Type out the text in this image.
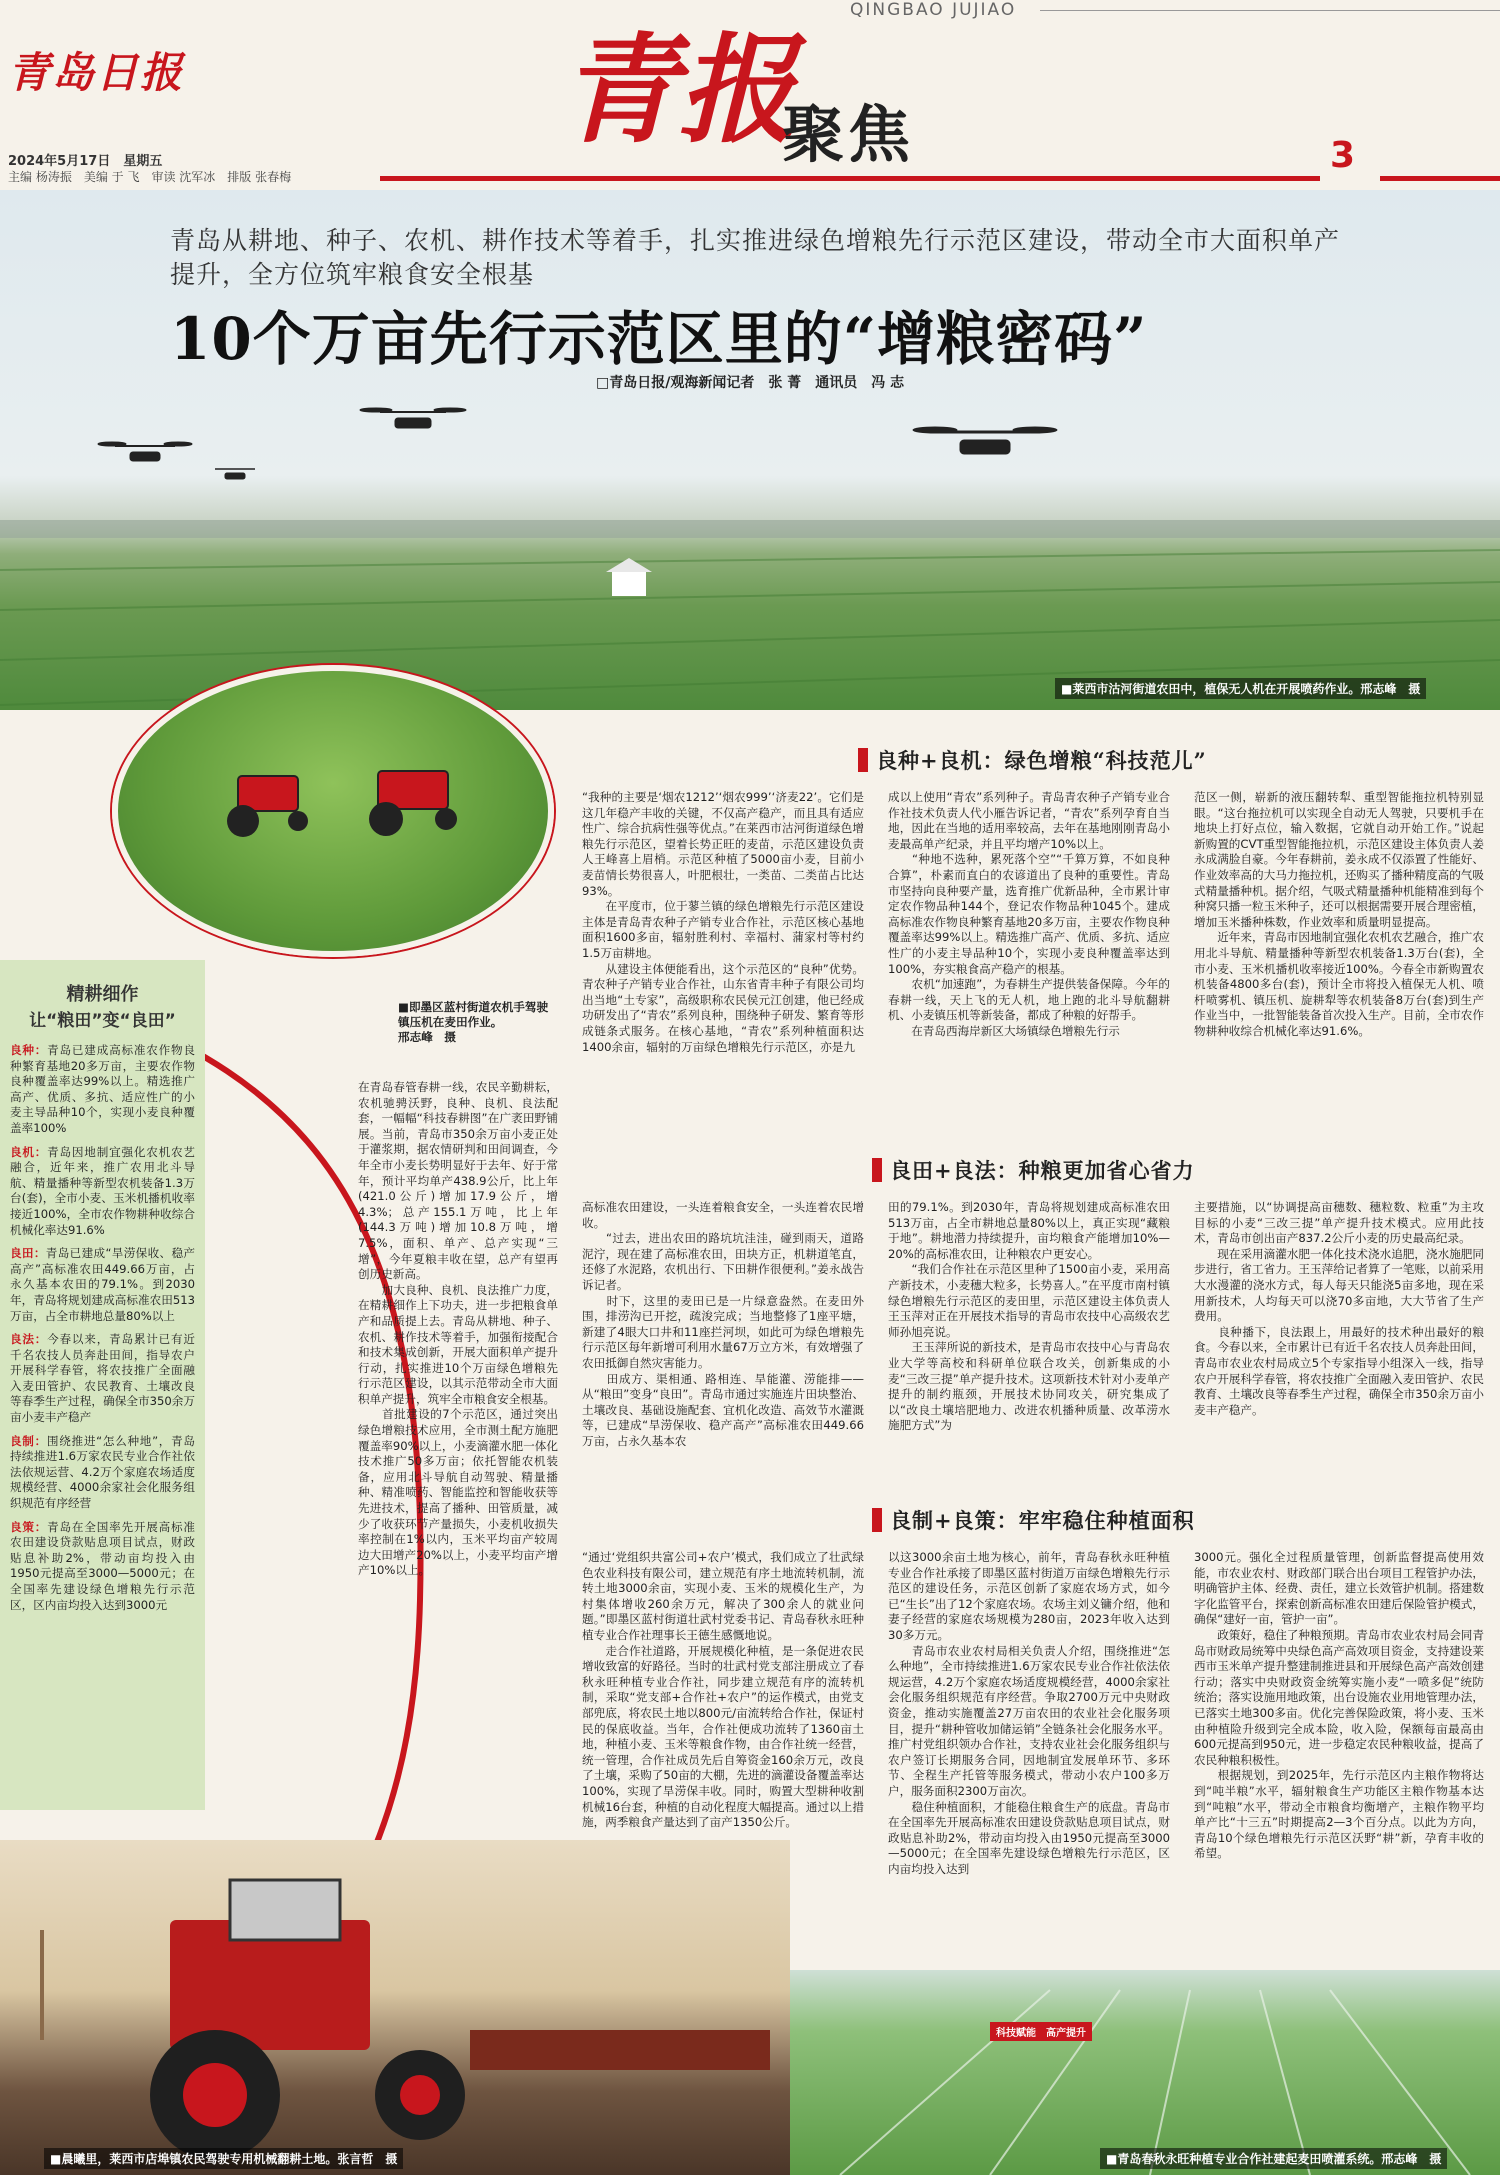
QINGBAO JUJIAO
青岛日报	青报
聚焦	3
2024年5月17日　星期五
主编 杨涛振　美编 于 飞　审读 沈军冰　排版 张春梅
■莱西市沽河街道农田中，植保无人机在开展喷药作业。邢志峰　摄
青岛从耕地、种子、农机、耕作技术等着手，扎实推进绿色增粮先行示范区建设，带动全市大面积单产提升，全方位筑牢粮食安全根基
10个万亩先行示范区里的“增粮密码”
□青岛日报/观海新闻记者　张 菁　通讯员　冯 志
■即墨区蓝村街道农机手驾驶镇压机在麦田作业。
邢志峰　摄
精耕细作
让“粮田”变“良田”
良种：青岛已建成高标准农作物良种繁育基地20多万亩，主要农作物良种覆盖率达99%以上。精选推广高产、优质、多抗、适应性广的小麦主导品种10个，实现小麦良种覆盖率100%
良机：青岛因地制宜强化农机农艺融合，近年来，推广农用北斗导航、精量播种等新型农机装备1.3万台(套)，全市小麦、玉米机播机收率接近100%，全市农作物耕种收综合机械化率达91.6%
良田：青岛已建成“旱涝保收、稳产高产”高标准农田449.66万亩，占永久基本农田的79.1%。到2030年，青岛将规划建成高标准农田513万亩，占全市耕地总量80%以上
良法：今春以来，青岛累计已有近千名农技人员奔赴田间，指导农户开展科学春管，将农技推广全面融入麦田管护、农民教育、土壤改良等春季生产过程，确保全市350余万亩小麦丰产稳产
良制：围绕推进“怎么种地”，青岛持续推进1.6万家农民专业合作社依法依规运营、4.2万个家庭农场适度规模经营、4000余家社会化服务组织规范有序经营
良策：青岛在全国率先开展高标准农田建设贷款贴息项目试点，财政贴息补助2%，带动亩均投入由1950元提高至3000—5000元；在全国率先建设绿色增粮先行示范区，区内亩均投入达到3000元
在青岛春管春耕一线，农民辛勤耕耘，农机驰骋沃野，良种、良机、良法配套，一幅幅“科技春耕图”在广袤田野铺展。当前，青岛市350余万亩小麦正处于灌浆期，据农情研判和田间调查，今年全市小麦长势明显好于去年、好于常年，预计平均单产438.9公斤，比上年(421.0公斤)增加17.9公斤，增4.3%；总产155.1万吨，比上年(144.3万吨)增加10.8万吨，增7.5%，面积、单产、总产实现“三增”，今年夏粮丰收在望，总产有望再创历史新高。
　　加大良种、良机、良法推广力度，在精耕细作上下功夫，进一步把粮食单产和品质提上去。青岛从耕地、种子、农机、耕作技术等着手，加强衔接配合和技术集成创新，开展大面积单产提升行动，扎实推进10个万亩绿色增粮先行示范区建设，以其示范带动全市大面积单产提升，筑牢全市粮食安全根基。
　　首批建设的7个示范区，通过突出绿色增粮技术应用，全市测土配方施肥覆盖率90%以上，小麦滴灌水肥一体化技术推广50多万亩；依托智能农机装备，应用北斗导航自动驾驶、精量播种、精准喷药、智能监控和智能收获等先进技术，提高了播种、田管质量，减少了收获环节产量损失，小麦机收损失率控制在1%以内，玉米平均亩产较周边大田增产20%以上，小麦平均亩产增产10%以上。
良种+良机：绿色增粮“科技范儿”
“我种的主要是‘烟农1212’‘烟农999’‘济麦22’。它们是这几年稳产丰收的关键，不仅高产稳产，而且具有适应性广、综合抗病性强等优点。”在莱西市沽河街道绿色增粮先行示范区，望着长势正旺的麦苗，示范区建设负责人王峰喜上眉梢。示范区种植了5000亩小麦，目前小麦苗情长势很喜人，叶肥根壮，一类苗、二类苗占比达93%。
　　在平度市，位于蓼兰镇的绿色增粮先行示范区建设主体是青岛青农种子产销专业合作社，示范区核心基地面积1600多亩，辐射胜利村、幸福村、蒲家村等村约1.5万亩耕地。
　　从建设主体便能看出，这个示范区的“良种”优势。青农种子产销专业合作社，山东省青丰种子有限公司均出当地“土专家”，高级职称农民侯元江创建，他已经成功研发出了“青农”系列良种，围绕种子研发、繁育等形成链条式服务。在核心基地，“青农”系列种植面积达1400余亩，辐射的万亩绿色增粮先行示范区，亦是九
成以上使用“青农”系列种子。青岛青农种子产销专业合作社技术负责人代小雁告诉记者，“青农”系列孕育自当地，因此在当地的适用率较高，去年在基地刚刚青岛小麦最高单产纪录，并且平均增产10%以上。
　　“种地不选种，累死落个空”“千算万算，不如良种合算”，朴素而直白的农谚道出了良种的重要性。青岛市坚持向良种要产量，选育推广优新品种，全市累计审定农作物品种144个，登记农作物品种1045个。建成高标准农作物良种繁育基地20多万亩，主要农作物良种覆盖率达99%以上。精选推广高产、优质、多抗、适应性广的小麦主导品种10个，实现小麦良种覆盖率达到100%，夯实粮食高产稳产的根基。
　　农机“加速跑”，为春耕生产提供装备保障。今年的春耕一线，天上飞的无人机，地上跑的北斗导航翻耕机、小麦镇压机等新装备，都成了种粮的好帮手。
　　在青岛西海岸新区大场镇绿色增粮先行示
范区一侧，崭新的液压翻转犁、重型智能拖拉机特别显眼。“这台拖拉机可以实现全自动无人驾驶，只要机手在地块上打好点位，输入数据，它就自动开始工作。”说起新购置的CVT重型智能拖拉机，示范区建设主体负责人姜永成满脸自豪。今年春耕前，姜永成不仅添置了性能好、作业效率高的大马力拖拉机，还购买了播种精度高的气吸式精量播种机。据介绍，气吸式精量播种机能精准到每个种窝只播一粒玉米种子，还可以根据需要开展合理密植，增加玉米播种株数，作业效率和质量明显提高。
　　近年来，青岛市因地制宜强化农机农艺融合，推广农用北斗导航、精量播种等新型农机装备1.3万台(套)，全市小麦、玉米机播机收率接近100%。今春全市新购置农机装备4800多台(套)，预计全市将投入植保无人机、喷杆喷雾机、镇压机、旋耕犁等农机装备8万台(套)到生产作业当中，一批智能装备首次投入生产。目前，全市农作物耕种收综合机械化率达91.6%。
良田+良法：种粮更加省心省力
高标准农田建设，一头连着粮食安全，一头连着农民增收。
　　“过去，进出农田的路坑坑洼洼，碰到雨天，道路泥泞，现在建了高标准农田，田块方正，机耕道笔直，还修了水泥路，农机出行、下田耕作很便利。”姜永战告诉记者。
　　时下，这里的麦田已是一片绿意盎然。在麦田外围，排涝沟已开挖，疏浚完成；当地整修了1座平塘，新建了4眼大口井和11座拦河坝，如此可为绿色增粮先行示范区每年新增可利用水量67万立方米，有效增强了农田抵御自然灾害能力。
　　田成方、渠相通、路相连、旱能灌、涝能排——从“粮田”变身“良田”。青岛市通过实施连片田块整治、土壤改良、基础设施配套、宜机化改造、高效节水灌溉等，已建成“旱涝保收、稳产高产”高标准农田449.66万亩，占永久基本农
田的79.1%。到2030年，青岛将规划建成高标准农田513万亩，占全市耕地总量80%以上，真正实现“藏粮于地”。耕地潜力持续提升，亩均粮食产能增加10%—20%的高标准农田，让种粮农户更安心。
　　“我们合作社在示范区里种了1500亩小麦，采用高产新技术，小麦穗大粒多，长势喜人。”在平度市南村镇绿色增粮先行示范区的麦田里，示范区建设主体负责人王玉萍对正在开展技术指导的青岛市农技中心高级农艺师孙旭亮说。
　　王玉萍所说的新技术，是青岛市农技中心与青岛农业大学等高校和科研单位联合攻关，创新集成的小麦“三改三提”单产提升技术。这项新技术针对小麦单产提升的制约瓶颈，开展技术协同攻关，研究集成了以“改良土壤培肥地力、改进农机播种质量、改革涝水施肥方式”为
主要措施，以“协调提高亩穗数、穗粒数、粒重”为主攻目标的小麦“三改三提”单产提升技术模式。应用此技术，青岛市创出亩产837.2公斤小麦的历史最高纪录。
　　现在采用滴灌水肥一体化技术浇水追肥，浇水施肥同步进行，省工省力。王玉萍给记者算了一笔账，以前采用大水漫灌的浇水方式，每人每天只能浇5亩多地，现在采用新技术，人均每天可以浇70多亩地，大大节省了生产费用。
　　良种播下，良法跟上，用最好的技术种出最好的粮食。今春以来，全市累计已有近千名农技人员奔赴田间，青岛市农业农村局成立5个专家指导小组深入一线，指导农户开展科学春管，将农技推广全面融入麦田管护、农民教育、土壤改良等春季生产过程，确保全市350余万亩小麦丰产稳产。
良制+良策：牢牢稳住种植面积
“通过‘党组织共富公司+农户’模式，我们成立了壮武绿色农业科技有限公司，建立规范有序土地流转机制，流转土地3000余亩，实现小麦、玉米的规模化生产，为村集体增收260余万元，解决了300余人的就业问题。”即墨区蓝村街道壮武村党委书记、青岛春秋永旺种植专业合作社理事长王德生感慨地说。
　　走合作社道路，开展规模化种植，是一条促进农民增收致富的好路径。当时的壮武村党支部注册成立了春秋永旺种植专业合作社，同步建立规范有序的流转机制，采取“党支部+合作社+农户”的运作模式，由党支部兜底，将农民土地以800元/亩流转给合作社，保证村民的保底收益。当年，合作社便成功流转了1360亩土地，种植小麦、玉米等粮食作物，由合作社统一经营，统一管理，合作社成员先后自筹资金160余万元，改良了土壤，采购了50亩的大棚，先进的滴灌设备覆盖率达100%，实现了旱涝保丰收。同时，购置大型耕种收割机械16台套，种植的自动化程度大幅提高。通过以上措施，两季粮食产量达到了亩产1350公斤。
以这3000余亩土地为核心，前年，青岛春秋永旺种植专业合作社承接了即墨区蓝村街道万亩绿色增粮先行示范区的建设任务，示范区创新了家庭农场方式，如今已“生长”出了12个家庭农场。农场主刘义镛介绍，他和妻子经营的家庭农场规模为280亩，2023年收入达到30多万元。
　　青岛市农业农村局相关负责人介绍，围绕推进“怎么种地”，全市持续推进1.6万家农民专业合作社依法依规运营，4.2万个家庭农场适度规模经营，4000余家社会化服务组织规范有序经营。争取2700万元中央财政资金，推动实施覆盖27万亩农田的农业社会化服务项目，提升“耕种管收加储运销”全链条社会化服务水平。推广村党组织领办合作社，支持农业社会化服务组织与农户签订长期服务合同，因地制宜发展单环节、多环节、全程生产托管等服务模式，带动小农户100多万户，服务面积2300万亩次。
　　稳住种植面积，才能稳住粮食生产的底盘。青岛市在全国率先开展高标准农田建设贷款贴息项目试点，财政贴息补助2%，带动亩均投入由1950元提高至3000—5000元；在全国率先建设绿色增粮先行示范区，区内亩均投入达到
3000元。强化全过程质量管理，创新监督提高使用效能，市农业农村、财政部门联合出台项目工程管护办法，明确管护主体、经费、责任，建立长效管护机制。搭建数字化监管平台，探索创新高标准农田建后保险管护模式，确保“建好一亩，管护一亩”。
　　政策好，稳住了种粮预期。青岛市农业农村局会同青岛市财政局统筹中央绿色高产高效项目资金，支持建设莱西市玉米单产提升整建制推进县和开展绿色高产高效创建行动；落实中央财政资金统筹实施小麦“一喷多促”统防统治；落实设施用地政策，出台设施农业用地管理办法，已落实土地300多亩。优化完善保险政策，将小麦、玉米由种植险升级到完全成本险，收入险，保额每亩最高由600元提高到950元，进一步稳定农民种粮收益，提高了农民种粮积极性。
　　根据规划，到2025年，先行示范区内主粮作物将达到“吨半粮”水平，辐射粮食生产功能区主粮作物基本达到“吨粮”水平，带动全市粮食均衡增产，主粮作物平均单产比“十三五”时期提高2—3个百分点。以此为方向，青岛10个绿色增粮先行示范区沃野“耕”新，孕育丰收的希望。
科技赋能　高产提升
■晨曦里，莱西市店埠镇农民驾驶专用机械翻耕土地。张言哲　摄	■青岛春秋永旺种植专业合作社建起麦田喷灌系统。邢志峰　摄
